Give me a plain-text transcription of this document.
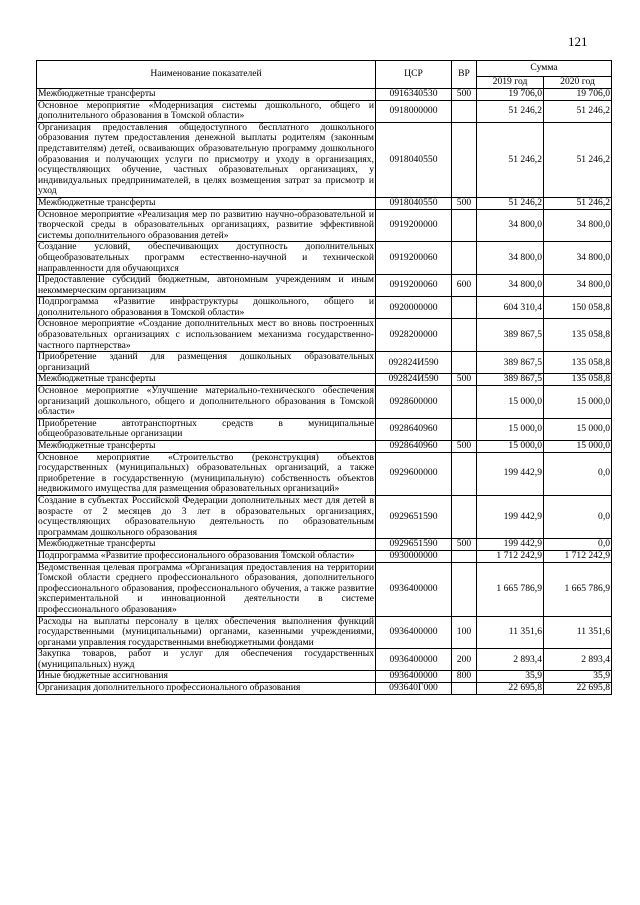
121
Наименование показателей	ЦСР	ВР	Сумма	
			2019 год	2020 год
Межбюджетные трансферты	0916340530	500	19 706,0	19 706,0
Основное мероприятие «Модернизация системы дошкольного, общего и дополнительного образования в Томской области»	0918000000		51 246,2	51 246,2
Организация предоставления общедоступного бесплатного дошкольного образования путем предоставления денежной выплаты родителям (законным представителям) детей, осваивающих образовательную программу дошкольного образования и получающих услуги по присмотру и уходу в организациях, осуществляющих обучение, частных образовательных организациях, у индивидуальных предпринимателей, в целях возмещения затрат за присмотр и уход	0918040550		51 246,2	51 246,2
Межбюджетные трансферты	0918040550	500	51 246,2	51 246,2
Основное мероприятие «Реализация мер по развитию научно-образовательной и творческой среды в образовательных организациях, развитие эффективной системы дополнительного образования детей»	0919200000		34 800,0	34 800,0
Создание условий, обеспечивающих доступность дополнительных общеобразовательных программ естественно-научной и технической направленности для обучающихся	0919200060		34 800,0	34 800,0
Предоставление субсидий бюджетным, автономным учреждениям и иным некоммерческим организациям	0919200060	600	34 800,0	34 800,0
Подпрограмма «Развитие инфраструктуры дошкольного, общего и дополнительного образования в Томской области»	0920000000		604 310,4	150 058,8
Основное мероприятие «Создание дополнительных мест во вновь построенных образовательных организациях с использованием механизма государственно-частного партнерства»	0928200000		389 867,5	135 058,8
Приобретение зданий для размещения дошкольных образовательных организаций	092824И590		389 867,5	135 058,8
Межбюджетные трансферты	092824И590	500	389 867,5	135 058,8
Основное мероприятие «Улучшение материально-технического обеспечения организаций дошкольного, общего и дополнительного образования в Томской области»	0928600000		15 000,0	15 000,0
Приобретение автотранспортных средств в муниципальные общеобразовательные организации	0928640960		15 000,0	15 000,0
Межбюджетные трансферты	0928640960	500	15 000,0	15 000,0
Основное мероприятие «Строительство (реконструкция) объектов государственных (муниципальных) образовательных организаций, а также приобретение в государственную (муниципальную) собственность объектов недвижимого имущества для размещения образовательных организаций»	0929600000		199 442,9	0,0
Создание в субъектах Российской Федерации дополнительных мест для детей в возрасте от 2 месяцев до 3 лет в образовательных организациях, осуществляющих образовательную деятельность по образовательным программам дошкольного образования	0929651590		199 442,9	0,0
Межбюджетные трансферты	0929651590	500	199 442,9	0,0
Подпрограмма «Развитие профессионального образования Томской области»	0930000000		1 712 242,9	1 712 242,9
Ведомственная целевая программа «Организация предоставления на территории Томской области среднего профессионального образования, дополнительного профессионального образования, профессионального обучения, а также развитие экспериментальной и инновационной деятельности в системе профессионального образования»	0936400000		1 665 786,9	1 665 786,9
Расходы на выплаты персоналу в целях обеспечения выполнения функций государственными (муниципальными) органами, казенными учреждениями, органами управления государственными внебюджетными фондами	0936400000	100	11 351,6	11 351,6
Закупка товаров, работ и услуг для обеспечения государственных (муниципальных) нужд	0936400000	200	2 893,4	2 893,4
Иные бюджетные ассигнования	0936400000	800	35,9	35,9
Организация дополнительного профессионального образования	093640Г000		22 695,8	22 695,8
